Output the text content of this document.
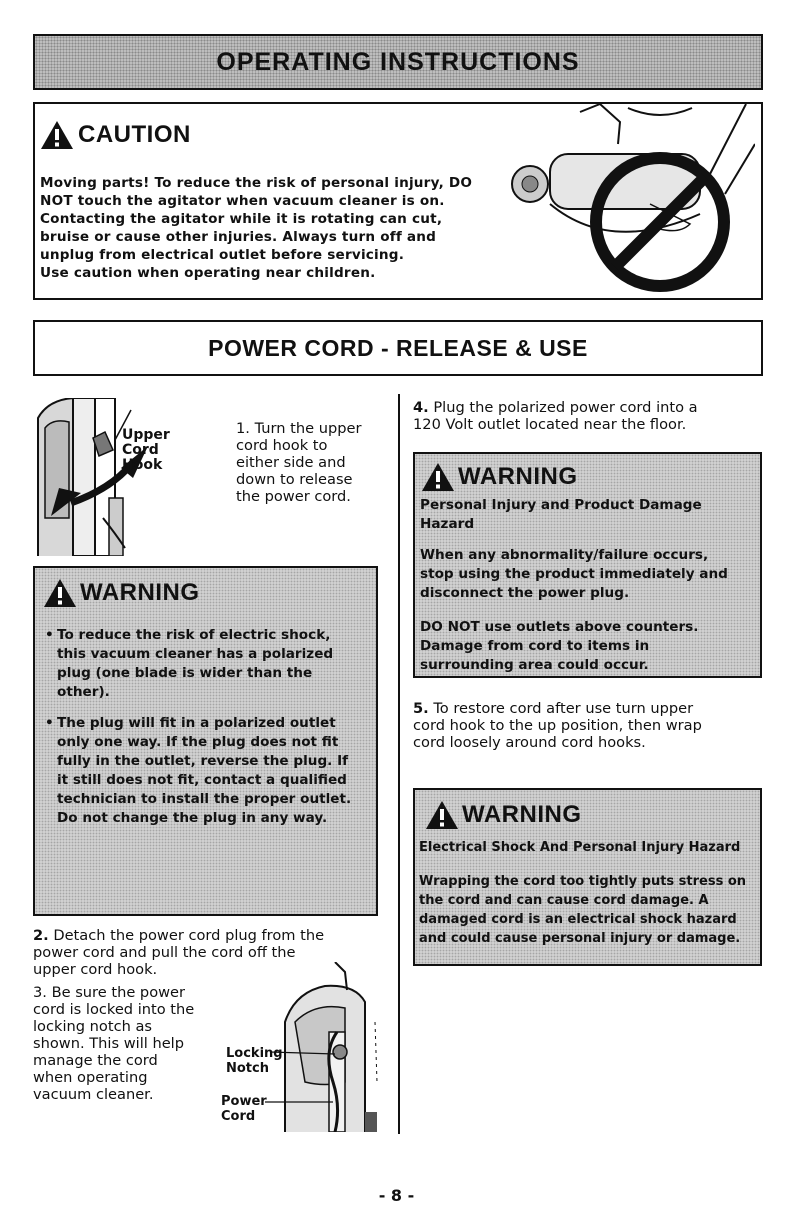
OPERATING INSTRUCTIONS
CAUTION
Moving parts! To reduce the risk of personal injury, DO
NOT touch the agitator when vacuum cleaner is on.
Contacting the agitator while it is rotating can cut,
bruise or cause other injuries. Always turn off and
unplug from electrical outlet before servicing.
Use caution when operating near children.
POWER CORD - RELEASE & USE
Upper
Cord
Hook
1. Turn the upper
cord hook to
either side and
down to release
the power cord.
WARNING
• To reduce the risk of electric shock,
this vacuum cleaner has a polarized
plug (one blade is wider than the
other).
• The plug will fit in a polarized outlet
only one way. If the plug does not fit
fully in the outlet, reverse the plug. If
it still does not fit, contact a qualified
technician to install the proper outlet.
Do not change the plug in any way.
2. Detach the power cord plug from the
power cord and pull the cord off the
upper cord hook.
3. Be sure the power
cord is locked into the
locking notch as
shown. This will help
manage the cord
when operating
vacuum cleaner.
Locking
Notch
Power
Cord
4. Plug the polarized power cord into a
120 Volt outlet located near the floor.
WARNING
Personal Injury and Product Damage
Hazard
When any abnormality/failure occurs,
stop using the product immediately and
disconnect the power plug.
DO NOT use outlets above counters.
Damage from cord to items in
surrounding area could occur.
5. To restore cord after use turn upper
cord hook to the up position, then wrap
cord loosely around cord hooks.
WARNING
Electrical Shock And Personal Injury Hazard
Wrapping the cord too tightly puts stress on
the cord and can cause cord damage. A
damaged cord is an electrical shock hazard
and could cause personal injury or damage.
- 8 -
